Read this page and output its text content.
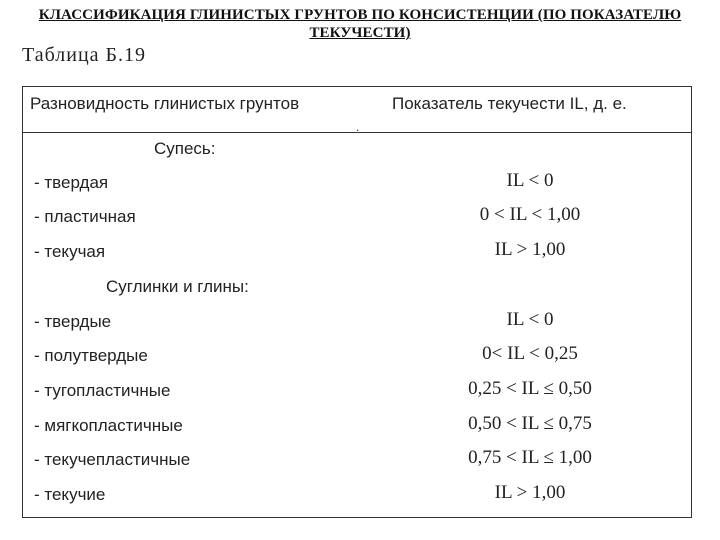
КЛАССИФИКАЦИЯ ГЛИНИСТЫХ ГРУНТОВ ПО КОНСИСТЕНЦИИ (ПО ПОКАЗАТЕЛЮ ТЕКУЧЕСТИ)
Таблица Б.19
.
Разновидность глинистых грунтов	Показатель текучести IL, д. е.
Супесь:
- твердая	IL < 0
- пластичная	0 < IL < 1,00
- текучая	IL > 1,00
Суглинки и глины:
- твердые	IL < 0
- полутвердые	0< IL < 0,25
- тугопластичные	0,25 < IL ≤ 0,50
- мягкопластичные	0,50 < IL ≤ 0,75
- текучепластичные	0,75 < IL ≤ 1,00
- текучие	IL > 1,00
